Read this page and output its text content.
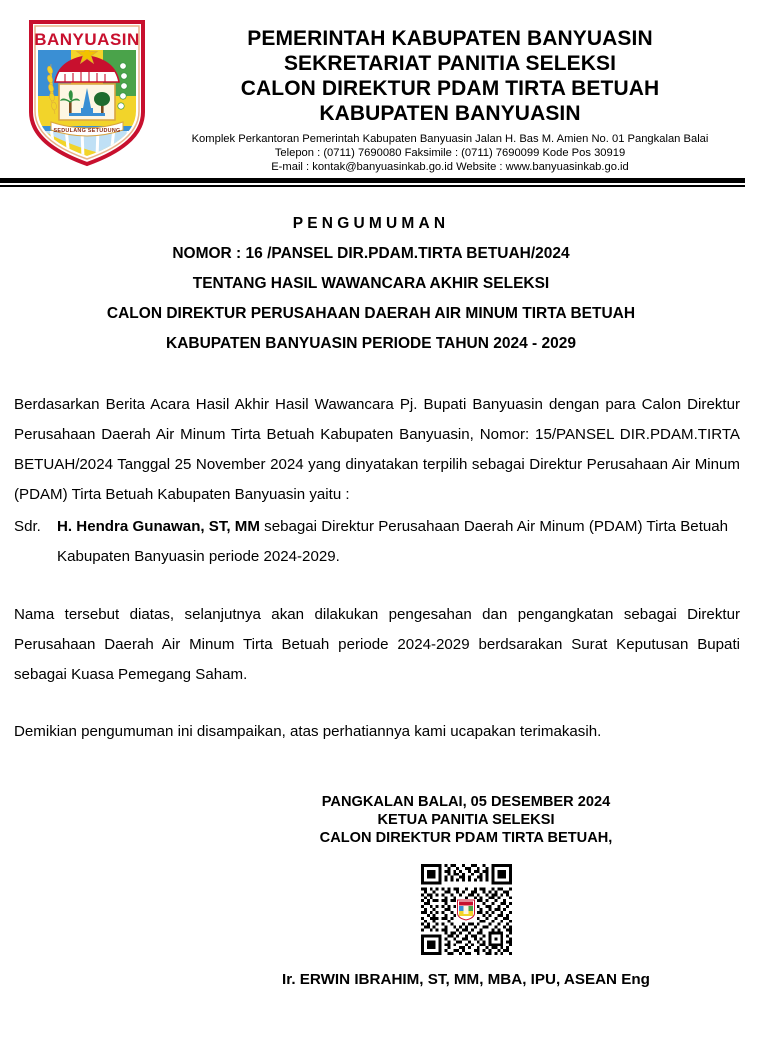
BANYUASIN
SEDULANG SETUDUNG
PEMERINTAH KABUPATEN BANYUASIN
SEKRETARIAT PANITIA SELEKSI
CALON DIREKTUR PDAM TIRTA BETUAH
KABUPATEN BANYUASIN
Komplek Perkantoran Pemerintah Kabupaten Banyuasin Jalan H. Bas M. Amien No. 01 Pangkalan Balai
Telepon : (0711) 7690080 Faksimile : (0711) 7690099 Kode Pos 30919
E-mail : kontak@banyuasinkab.go.id Website : www.banyuasinkab.go.id
PENGUMUMAN
NOMOR : 16 /PANSEL DIR.PDAM.TIRTA BETUAH/2024
TENTANG HASIL WAWANCARA AKHIR SELEKSI
CALON DIREKTUR PERUSAHAAN DAERAH AIR MINUM TIRTA BETUAH
KABUPATEN BANYUASIN PERIODE TAHUN 2024 - 2029

Berdasarkan Berita Acara Hasil Akhir Hasil Wawancara Pj. Bupati Banyuasin dengan para Calon Direktur Perusahaan Daerah Air Minum Tirta Betuah Kabupaten Banyuasin, Nomor: 15/PANSEL DIR.PDAM.TIRTA BETUAH/2024 Tanggal 25 November 2024 yang dinyatakan terpilih sebagai Direktur Perusahaan Air Minum (PDAM) Tirta Betuah Kabupaten Banyuasin yaitu :

Sdr.	H. Hendra Gunawan, ST, MM sebagai Direktur Perusahaan Daerah Air Minum (PDAM) Tirta Betuah Kabupaten Banyuasin periode 2024-2029.

Nama tersebut diatas, selanjutnya akan dilakukan pengesahan dan pengangkatan sebagai Direktur Perusahaan Daerah Air Minum Tirta Betuah periode 2024-2029 berdsarakan Surat Keputusan Bupati sebagai Kuasa Pemegang Saham.

Demikian pengumuman ini disampaikan, atas perhatiannya kami ucapakan terimakasih.

PANGKALAN BALAI, 05 DESEMBER 2024
KETUA PANITIA SELEKSI
CALON DIREKTUR PDAM TIRTA BETUAH,
Ir. ERWIN IBRAHIM, ST, MM, MBA, IPU, ASEAN Eng
